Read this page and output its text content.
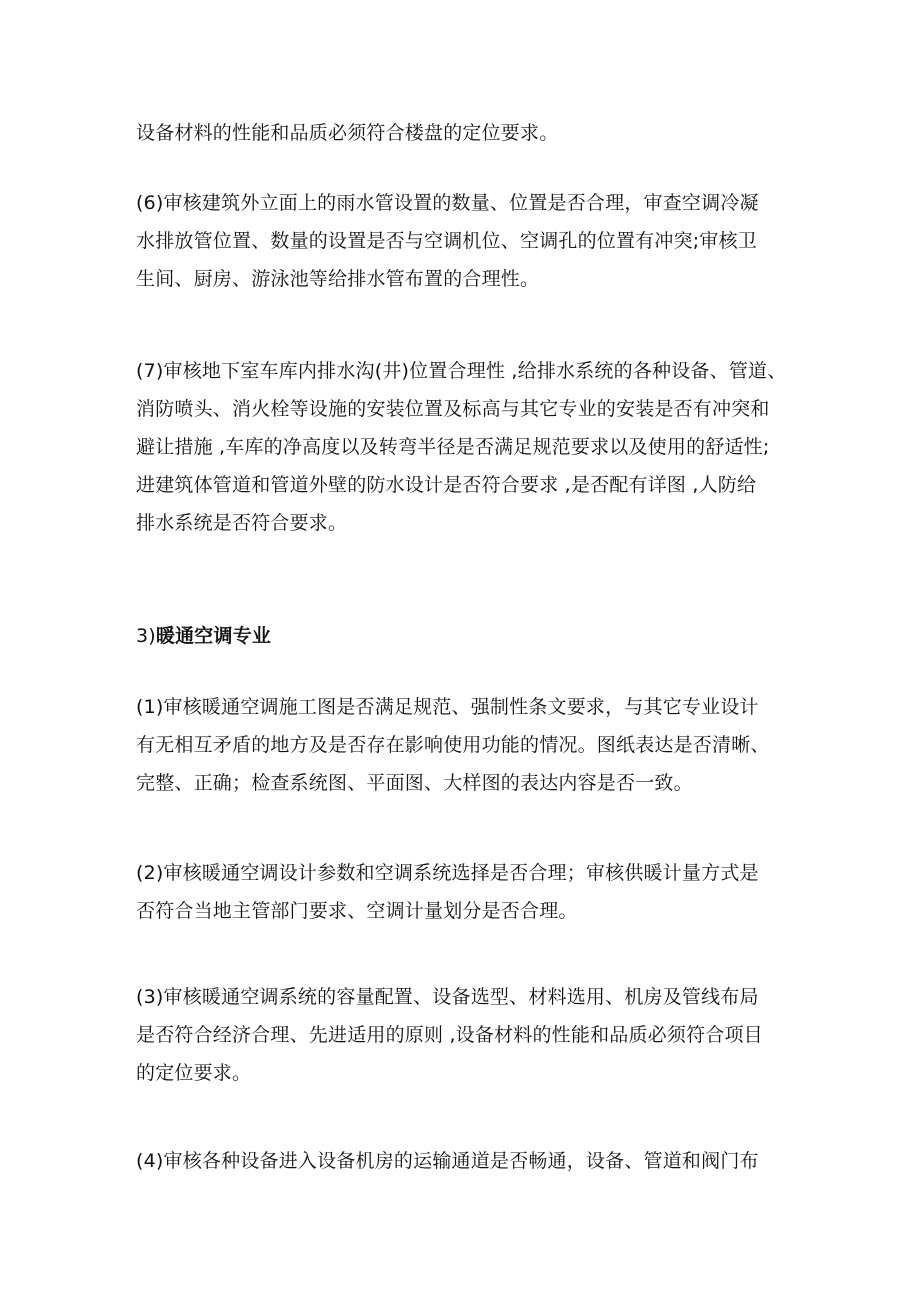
设备材料的性能和品质必须符合楼盘的定位要求。

(6)审核建筑外立面上的雨水管设置的数量、位置是否合理，审查空调冷凝
水排放管位置、数量的设置是否与空调机位、空调孔的位置有冲突;审核卫
生间、厨房、游泳池等给排水管布置的合理性。

(7)审核地下室车库内排水沟(井)位置合理性 ,给排水系统的各种设备、管道、
消防喷头、消火栓等设施的安装位置及标高与其它专业的安装是否有冲突和
避让措施 ,车库的净高度以及转弯半径是否满足规范要求以及使用的舒适性;
进建筑体管道和管道外壁的防水设计是否符合要求 ,是否配有详图 ,人防给
排水系统是否符合要求。

3)暖通空调专业

(1)审核暖通空调施工图是否满足规范、强制性条文要求，与其它专业设计
有无相互矛盾的地方及是否存在影响使用功能的情况。图纸表达是否清晰、
完整、正确；检查系统图、平面图、大样图的表达内容是否一致。

(2)审核暖通空调设计参数和空调系统选择是否合理；审核供暖计量方式是
否符合当地主管部门要求、空调计量划分是否合理。

(3)审核暖通空调系统的容量配置、设备选型、材料选用、机房及管线布局
是否符合经济合理、先进适用的原则 ,设备材料的性能和品质必须符合项目
的定位要求。

(4)审核各种设备进入设备机房的运输通道是否畅通，设备、管道和阀门布
